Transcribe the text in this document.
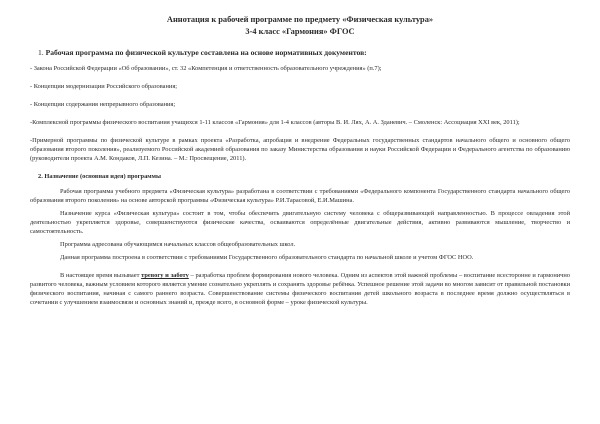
Аннотация к рабочей программе по предмету «Физическая культура»

3-4 класс «Гармония» ФГОС

1. Рабочая программа по физической культуре составлена на основе нормативных документов:

- Закона Российской Федерации «Об образовании», ст. 32 «Компетенция и ответственность образовательного учреждения» (п.7);

- Концепции модернизации Российского образования;

- Концепции содержания непрерывного образования;

-Комплексной программы физического воспитания учащихся 1-11 классов «Гармония» для 1-4 классов (авторы В. И. Лях, А. А. Зданевич. – Смоленск: Ассоциация XXI век, 2011);

-Примерной программы по физической культуре в рамках проекта «Разработка, апробация и внедрение Федеральных государственных стандартов начального общего и основного общего образования второго поколения», реализуемого Российской академией образования по заказу Министерства образования и науки Российской Федерации и Федерального агентства по образованию (руководители проекта А.М. Кондаков, Л.П. Кезина. – М.: Просвещение, 2011).

2. Назначение (основная идея) программы

Рабочая программа учебного предмета «Физическая культура» разработана в соответствии с требованиями «Федерального компонента Государственного стандарта начального общего образования второго поколения» на основе авторской программы «Физическая культура» Р.И.Тарасовой, Е.И.Машина.

Назначение курса «Физическая культура» состоит в том, чтобы обеспечить двигательную систему человека с общеразвивающей направленностью. В процессе овладения этой деятельностью укрепляется здоровье, совершенствуются физические качества, осваиваются определённые двигательные действия, активно развиваются мышление, творчество и самостоятельность.

Программа адресована обучающимся начальных классов общеобразовательных школ.

Данная программа построена в соответствии с требованиями Государственного образовательного стандарта по начальной школе и учетом ФГОС НОО.

В настоящее время вызывает тревогу и заботу – разработка проблем формирования нового человека. Одним из аспектов этой важной проблемы – воспитание всесторонне и гармонично развитого человека, важным условием которого является умение сознательно укреплять и сохранять здоровье ребёнка. Успешное решение этой задачи во многом зависит от правильной постановки физического воспитания, начиная с самого раннего возраста. Совершенствование системы физического воспитания детей школьного возраста в последнее время должно осуществляться в сочетании с улучшением взаимосвязи и основных знаний и, прежде всего, в основной форме – уроке физической культуры.
